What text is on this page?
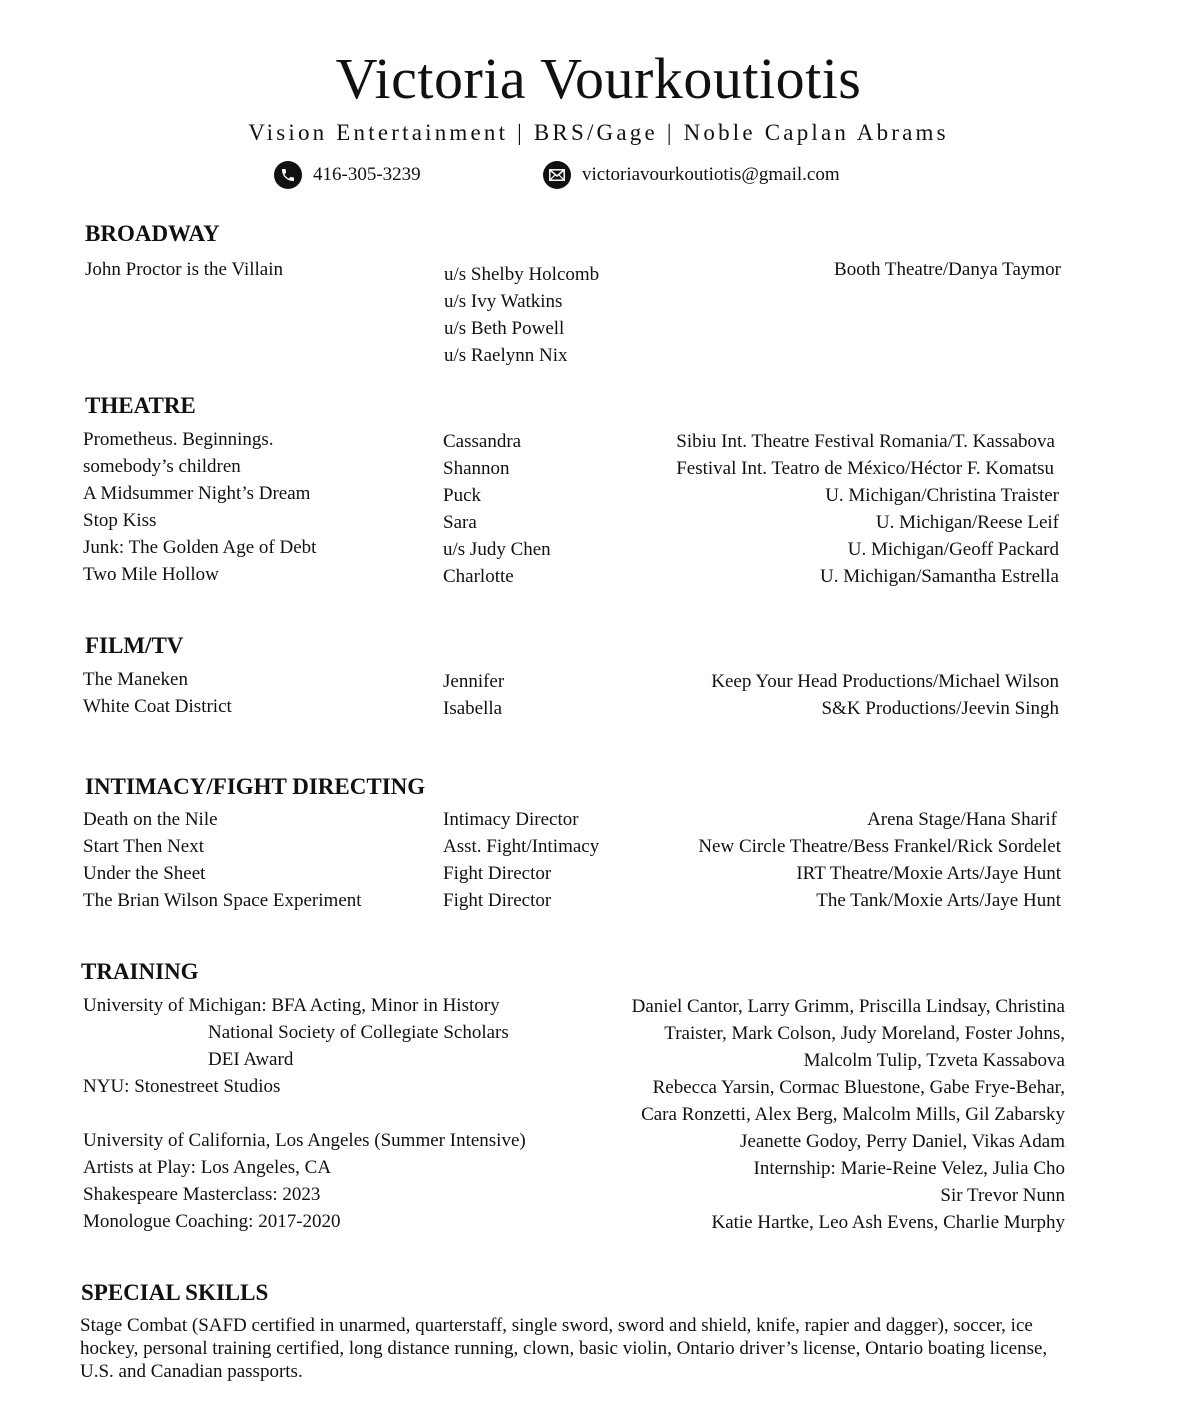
Victoria Vourkoutiotis
Vision Entertainment | BRS/Gage | Noble Caplan Abrams
416-305-3239	victoriavourkoutiotis@gmail.com
BROADWAY
John Proctor is the Villain	u/s Shelby Holcomb
u/s Ivy Watkins
u/s Beth Powell
u/s Raelynn Nix
Booth Theatre/Danya Taymor
THEATRE
Prometheus. Beginnings.
somebody’s children
A Midsummer Night’s Dream
Stop Kiss
Junk: The Golden Age of Debt
Two Mile Hollow
Cassandra
Shannon
Puck
Sara
u/s Judy Chen
Charlotte
Sibiu Int. Theatre Festival Romania/T. Kassabova
Festival Int. Teatro de México/Héctor F. Komatsu
U. Michigan/Christina Traister
U. Michigan/Reese Leif
U. Michigan/Geoff Packard
U. Michigan/Samantha Estrella
FILM/TV
The Maneken
White Coat District
Jennifer
Isabella
Keep Your Head Productions/Michael Wilson
S&K Productions/Jeevin Singh
INTIMACY/FIGHT DIRECTING
Death on the Nile
Start Then Next
Under the Sheet
The Brian Wilson Space Experiment
Intimacy Director
Asst. Fight/Intimacy
Fight Director
Fight Director
Arena Stage/Hana Sharif
New Circle Theatre/Bess Frankel/Rick Sordelet
IRT Theatre/Moxie Arts/Jaye Hunt
The Tank/Moxie Arts/Jaye Hunt
TRAINING
University of Michigan: BFA Acting, Minor in History
National Society of Collegiate Scholars
DEI Award
NYU: Stonestreet Studios
University of California, Los Angeles (Summer Intensive)
Artists at Play: Los Angeles, CA
Shakespeare Masterclass: 2023
Monologue Coaching: 2017-2020
Daniel Cantor, Larry Grimm, Priscilla Lindsay, Christina
Traister, Mark Colson, Judy Moreland, Foster Johns,
Malcolm Tulip, Tzveta Kassabova
Rebecca Yarsin, Cormac Bluestone, Gabe Frye-Behar,
Cara Ronzetti, Alex Berg, Malcolm Mills, Gil Zabarsky
Jeanette Godoy, Perry Daniel, Vikas Adam
Internship: Marie-Reine Velez, Julia Cho
Sir Trevor Nunn
Katie Hartke, Leo Ash Evens, Charlie Murphy
SPECIAL SKILLS
Stage Combat (SAFD certified in unarmed, quarterstaff, single sword, sword and shield, knife, rapier and dagger), soccer, ice hockey, personal training certified, long distance running, clown, basic violin, Ontario driver’s license, Ontario boating license, U.S. and Canadian passports.
